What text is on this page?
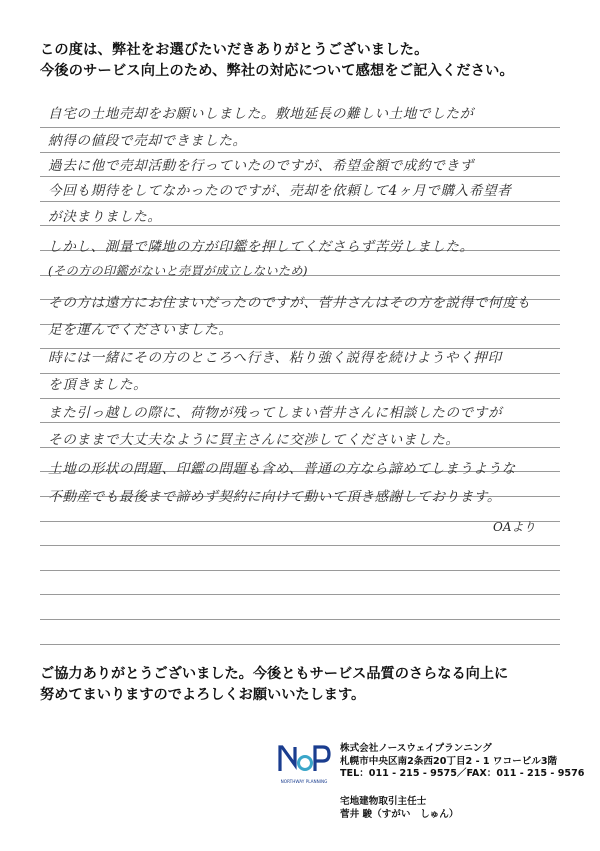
この度は、弊社をお選びたいだきありがとうございました。
今後のサービス向上のため、弊社の対応について感想をご記入ください。
自宅の土地売却をお願いしました。敷地延長の難しい土地でしたが
納得の値段で売却できました。
過去に他で売却活動を行っていたのですが、希望金額で成約できず
今回も期待をしてなかったのですが、売却を依頼して4ヶ月で購入希望者
が決まりました。
しかし、測量で隣地の方が印鑑を押してくださらず苦労しました。
(その方の印鑑がないと売買が成立しないため)
その方は遠方にお住まいだったのですが、菅井さんはその方を説得で何度も
足を運んでくださいました。
時には一緒にその方のところへ行き、粘り強く説得を続けようやく押印
を頂きました。
また引っ越しの際に、荷物が残ってしまい菅井さんに相談したのですが
そのままで大丈夫なように買主さんに交渉してくださいました。
土地の形状の問題、印鑑の問題も含め、普通の方なら諦めてしまうような
不動産でも最後まで諦めず契約に向けて動いて頂き感謝しております。
OAより
ご協力ありがとうございました。今後ともサービス品質のさらなる向上に
努めてまいりますのでよろしくお願いいたします。
NORTHWAY PLANNING
株式会社ノースウェイプランニング
札幌市中央区南2条西20丁目2 - 1 ワコービル3階
TEL：011 - 215 - 9575／FAX：011 - 215 - 9576
宅地建物取引主任士
菅井 駿（すがい　しゅん）
